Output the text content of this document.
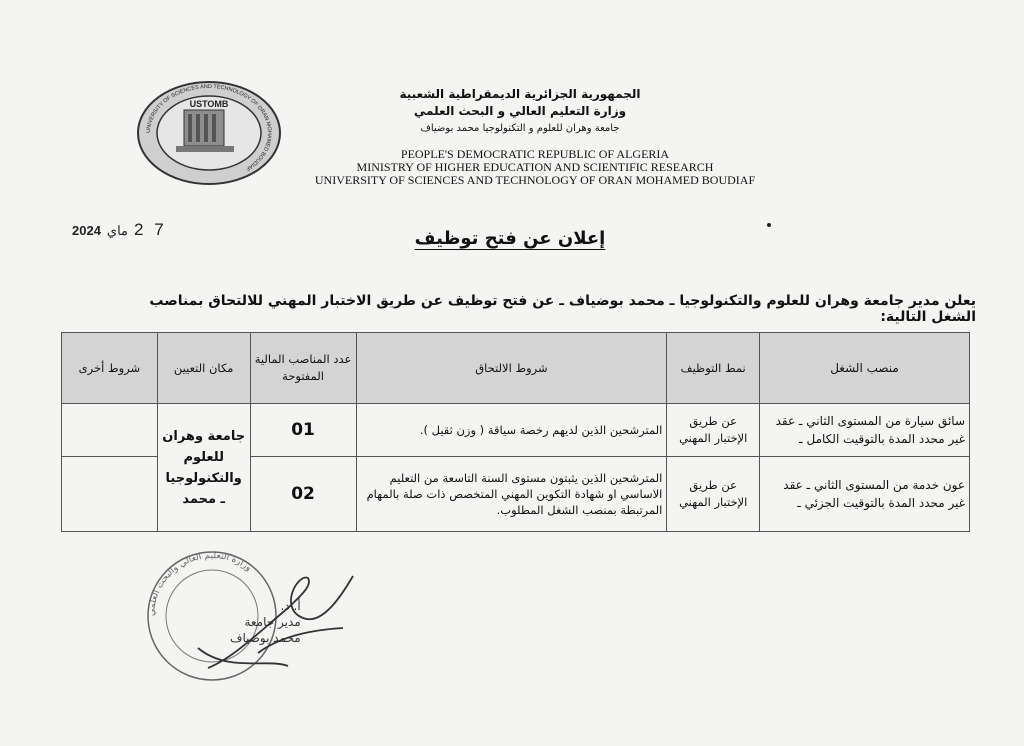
UNIVERSITY OF SCIENCES AND TECHNOLOGY OF ORAN MOHAMED BOUDIAF
USTOMB
الجمهورية الجزائرية الديمقراطية الشعبية
وزارة التعليم العالي و البحث العلمي
جامعة وهران للعلوم و التكنولوجيا محمد بوضياف
PEOPLE'S DEMOCRATIC REPUBLIC OF ALGERIA
MINISTRY OF HIGHER EDUCATION AND SCIENTIFIC RESEARCH
UNIVERSITY OF SCIENCES AND TECHNOLOGY OF ORAN MOHAMED BOUDIAF
2024 ماي 2 7	إعلان عن فتح توظيف
يعلن مدير جامعة وهران للعلوم والتكنولوجيا ـ محمد بوضياف ـ عن فتح توظيف عن طريق الاختبار المهني للالتحاق بمناصب الشغل التالية:
منصب الشغل	نمط التوظيف	شروط الالتحاق	عدد المناصب المالية المفتوحة	مكان التعيين	شروط أخرى
سائق سيارة من المستوى الثاني ـ عقد غير محدد المدة بالتوقيت الكامل ـ	عن طريق الإختبار المهني	المترشحين الذين لديهم رخصة سياقة ( وزن ثقيل ).	01	جامعة وهران للعلوم والتكنولوجيا ـ محمد	
عون خدمة من المستوى الثاني ـ عقد غير محدد المدة بالتوقيت الجزئي ـ	عن طريق الإختبار المهني	المترشحين الذين يثبتون مستوى السنة التاسعة من التعليم الاساسي او شهادة التكوين المهني المتخصص ذات صلة بالمهام المرتبطة بمنصب الشغل المطلوب.	02		
وزارة التعليم العالي والبحث العلمي
أ. د.
مدير جامعة
محمد بوضياف
